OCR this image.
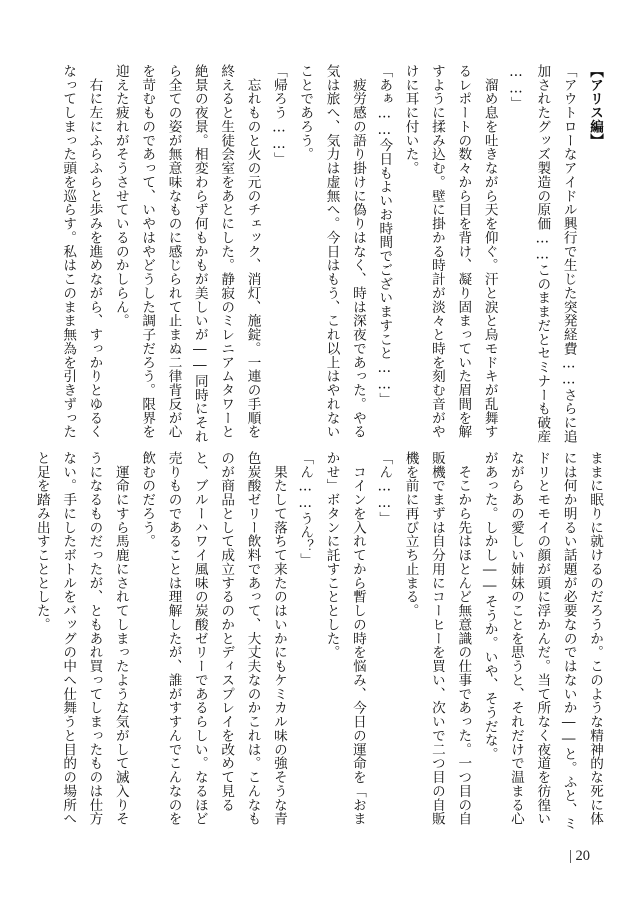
【アリス編】
「アウトローなアイドル興行で生じた突発経費……さらに追
加されたグッズ製造の原価……このままだとセミナーも破産
……」
　溜め息を吐きながら天を仰ぐ。汗と涙と烏モドキが乱舞す
るレポートの数々から目を背け、凝り固まっていた眉間を解
すように揉み込む。壁に掛かる時計が淡々と時を刻む音がや
けに耳に付いた。
「あぁ……今日もよいお時間でございますこと……」
　疲労感の語り掛けに偽りはなく、時は深夜であった。やる
気は旅へ、気力は虚無へ。今日はもう、これ以上はやれない
ことであろう。
「帰ろう……」
　忘れものと火の元のチェック、消灯、施錠。一連の手順を
終えると生徒会室をあとにした。静寂のミレニアムタワーと
絶景の夜景。相変わらず何もかもが美しいが――同時にそれ
ら全ての姿が無意味なものに感じられて止まぬ二律背反が心
を苛むものであって、いやはやどうした調子だろう。限界を
迎えた疲れがそうさせているのかしらん。
　右に左にふらふらと歩みを進めながら、すっかりとゆるく
なってしまった頭を巡らす。私はこのまま無為を引きずった
ままに眠りに就けるのだろうか。このような精神的な死に体
には何か明るい話題が必要なのではないか――と。ふと、ミ
ドリとモモイの顔が頭に浮かんだ。当て所なく夜道を彷徨い
ながらあの愛しい姉妹のことを思うと、それだけで温まる心
があった。しかし――そうか。いや、そうだな。
　そこから先はほとんど無意識の仕事であった。一つ目の自
販機でまずは自分用にコーヒーを買い、次いで二つ目の自販
機を前に再び立ち止まる。
「ん……」
　コインを入れてから暫しの時を悩み、今日の運命を「おま
かせ」ボタンに託すこととした。
「ん……うん？」
　果たして落ちて来たのはいかにもケミカル味の強そうな青
色炭酸ゼリー飲料であって、大丈夫なのかこれは。こんなも
のが商品として成立するのかとディスプレイを改めて見る
と、ブルーハワイ風味の炭酸ゼリーであるらしい。なるほど
売りものであることは理解したが、誰がすすんでこんなのを
飲むのだろう。
　運命にすら馬鹿にされてしまったような気がして滅入りそ
うになるものだったが、ともあれ買ってしまったものは仕方
ない。手にしたボトルをバッグの中へ仕舞うと目的の場所へ
と足を踏み出すこととした。
| 20
